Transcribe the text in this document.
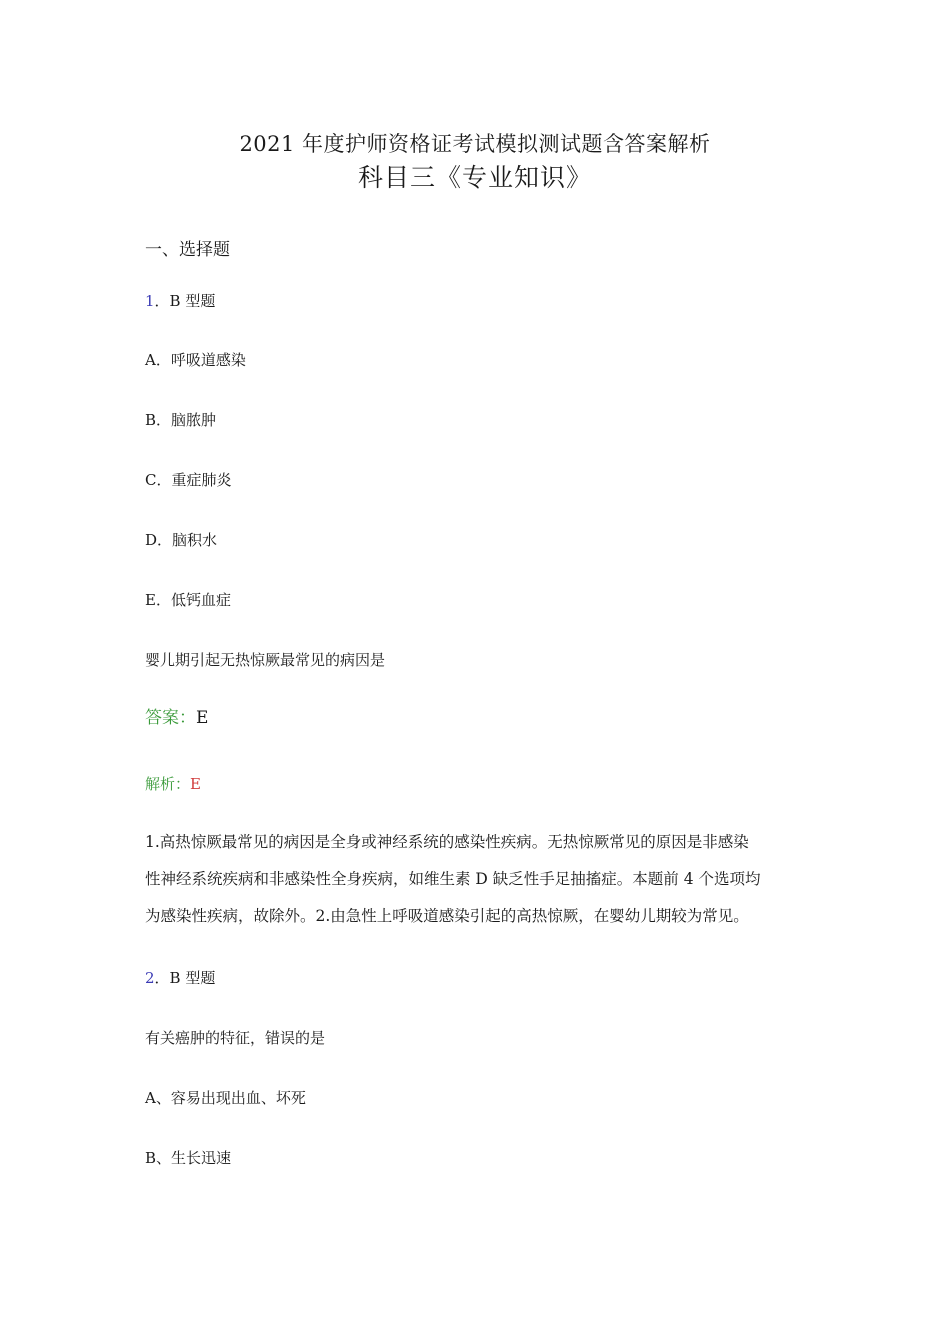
2021 年度护师资格证考试模拟测试题含答案解析
科目三《专业知识》
一、选择题
1．B 型题
A．呼吸道感染
B．脑脓肿
C．重症肺炎
D．脑积水
E．低钙血症
婴儿期引起无热惊厥最常见的病因是
答案：E
解析：E
1.高热惊厥最常见的病因是全身或神经系统的感染性疾病。无热惊厥常见的原因是非感染
性神经系统疾病和非感染性全身疾病，如维生素 D 缺乏性手足抽搐症。本题前 4 个选项均
为感染性疾病，故除外。2.由急性上呼吸道感染引起的高热惊厥，在婴幼儿期较为常见。
2．B 型题
有关癌肿的特征，错误的是
A、容易出现出血、坏死
B、生长迅速
